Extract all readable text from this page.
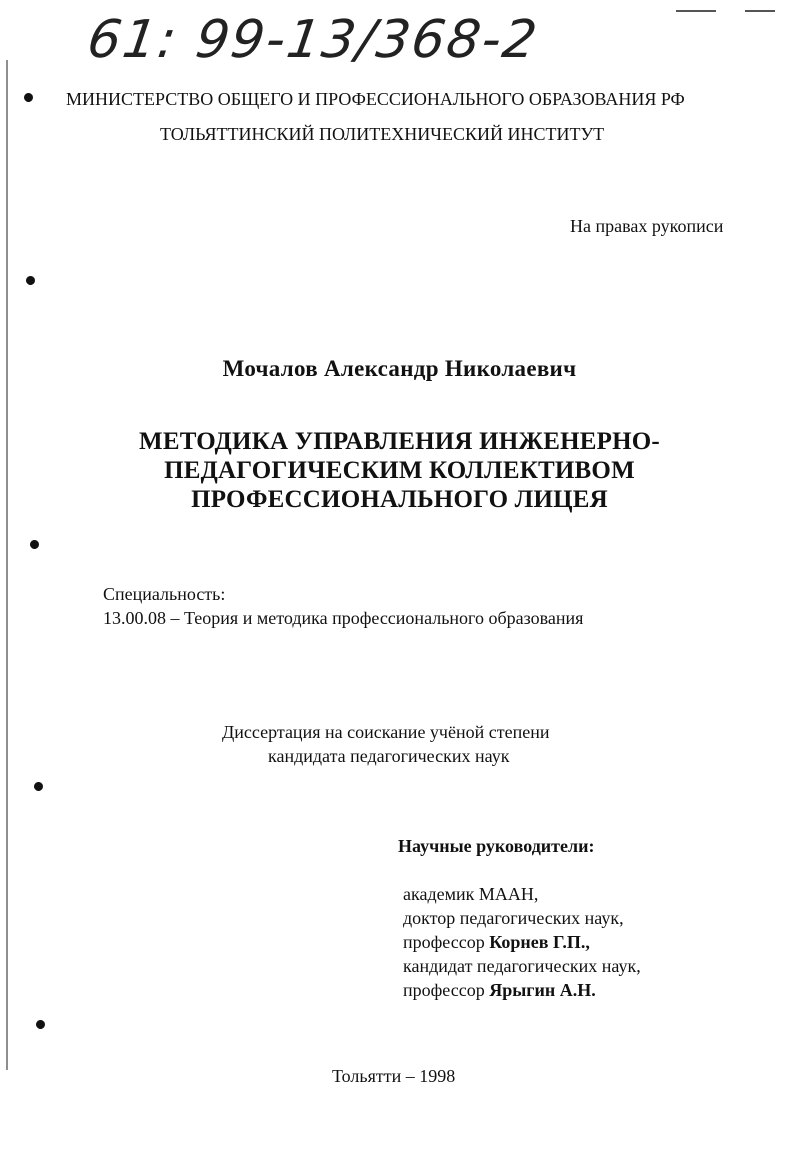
61: 99-13/368-2
МИНИСТЕРСТВО ОБЩЕГО И ПРОФЕССИОНАЛЬНОГО ОБРАЗОВАНИЯ РФ
ТОЛЬЯТТИНСКИЙ ПОЛИТЕХНИЧЕСКИЙ ИНСТИТУТ
На правах рукописи
Мочалов Александр Николаевич
МЕТОДИКА УПРАВЛЕНИЯ ИНЖЕНЕРНО-
ПЕДАГОГИЧЕСКИМ КОЛЛЕКТИВОМ
ПРОФЕССИОНАЛЬНОГО ЛИЦЕЯ
Специальность:
13.00.08 – Теория и методика профессионального образования
Диссертация на соискание учёной степени
кандидата педагогических наук
Научные руководители:
академик МААН,
доктор педагогических наук,
профессор Корнев Г.П.,
кандидат педагогических наук,
профессор Ярыгин А.Н.
Тольятти – 1998
